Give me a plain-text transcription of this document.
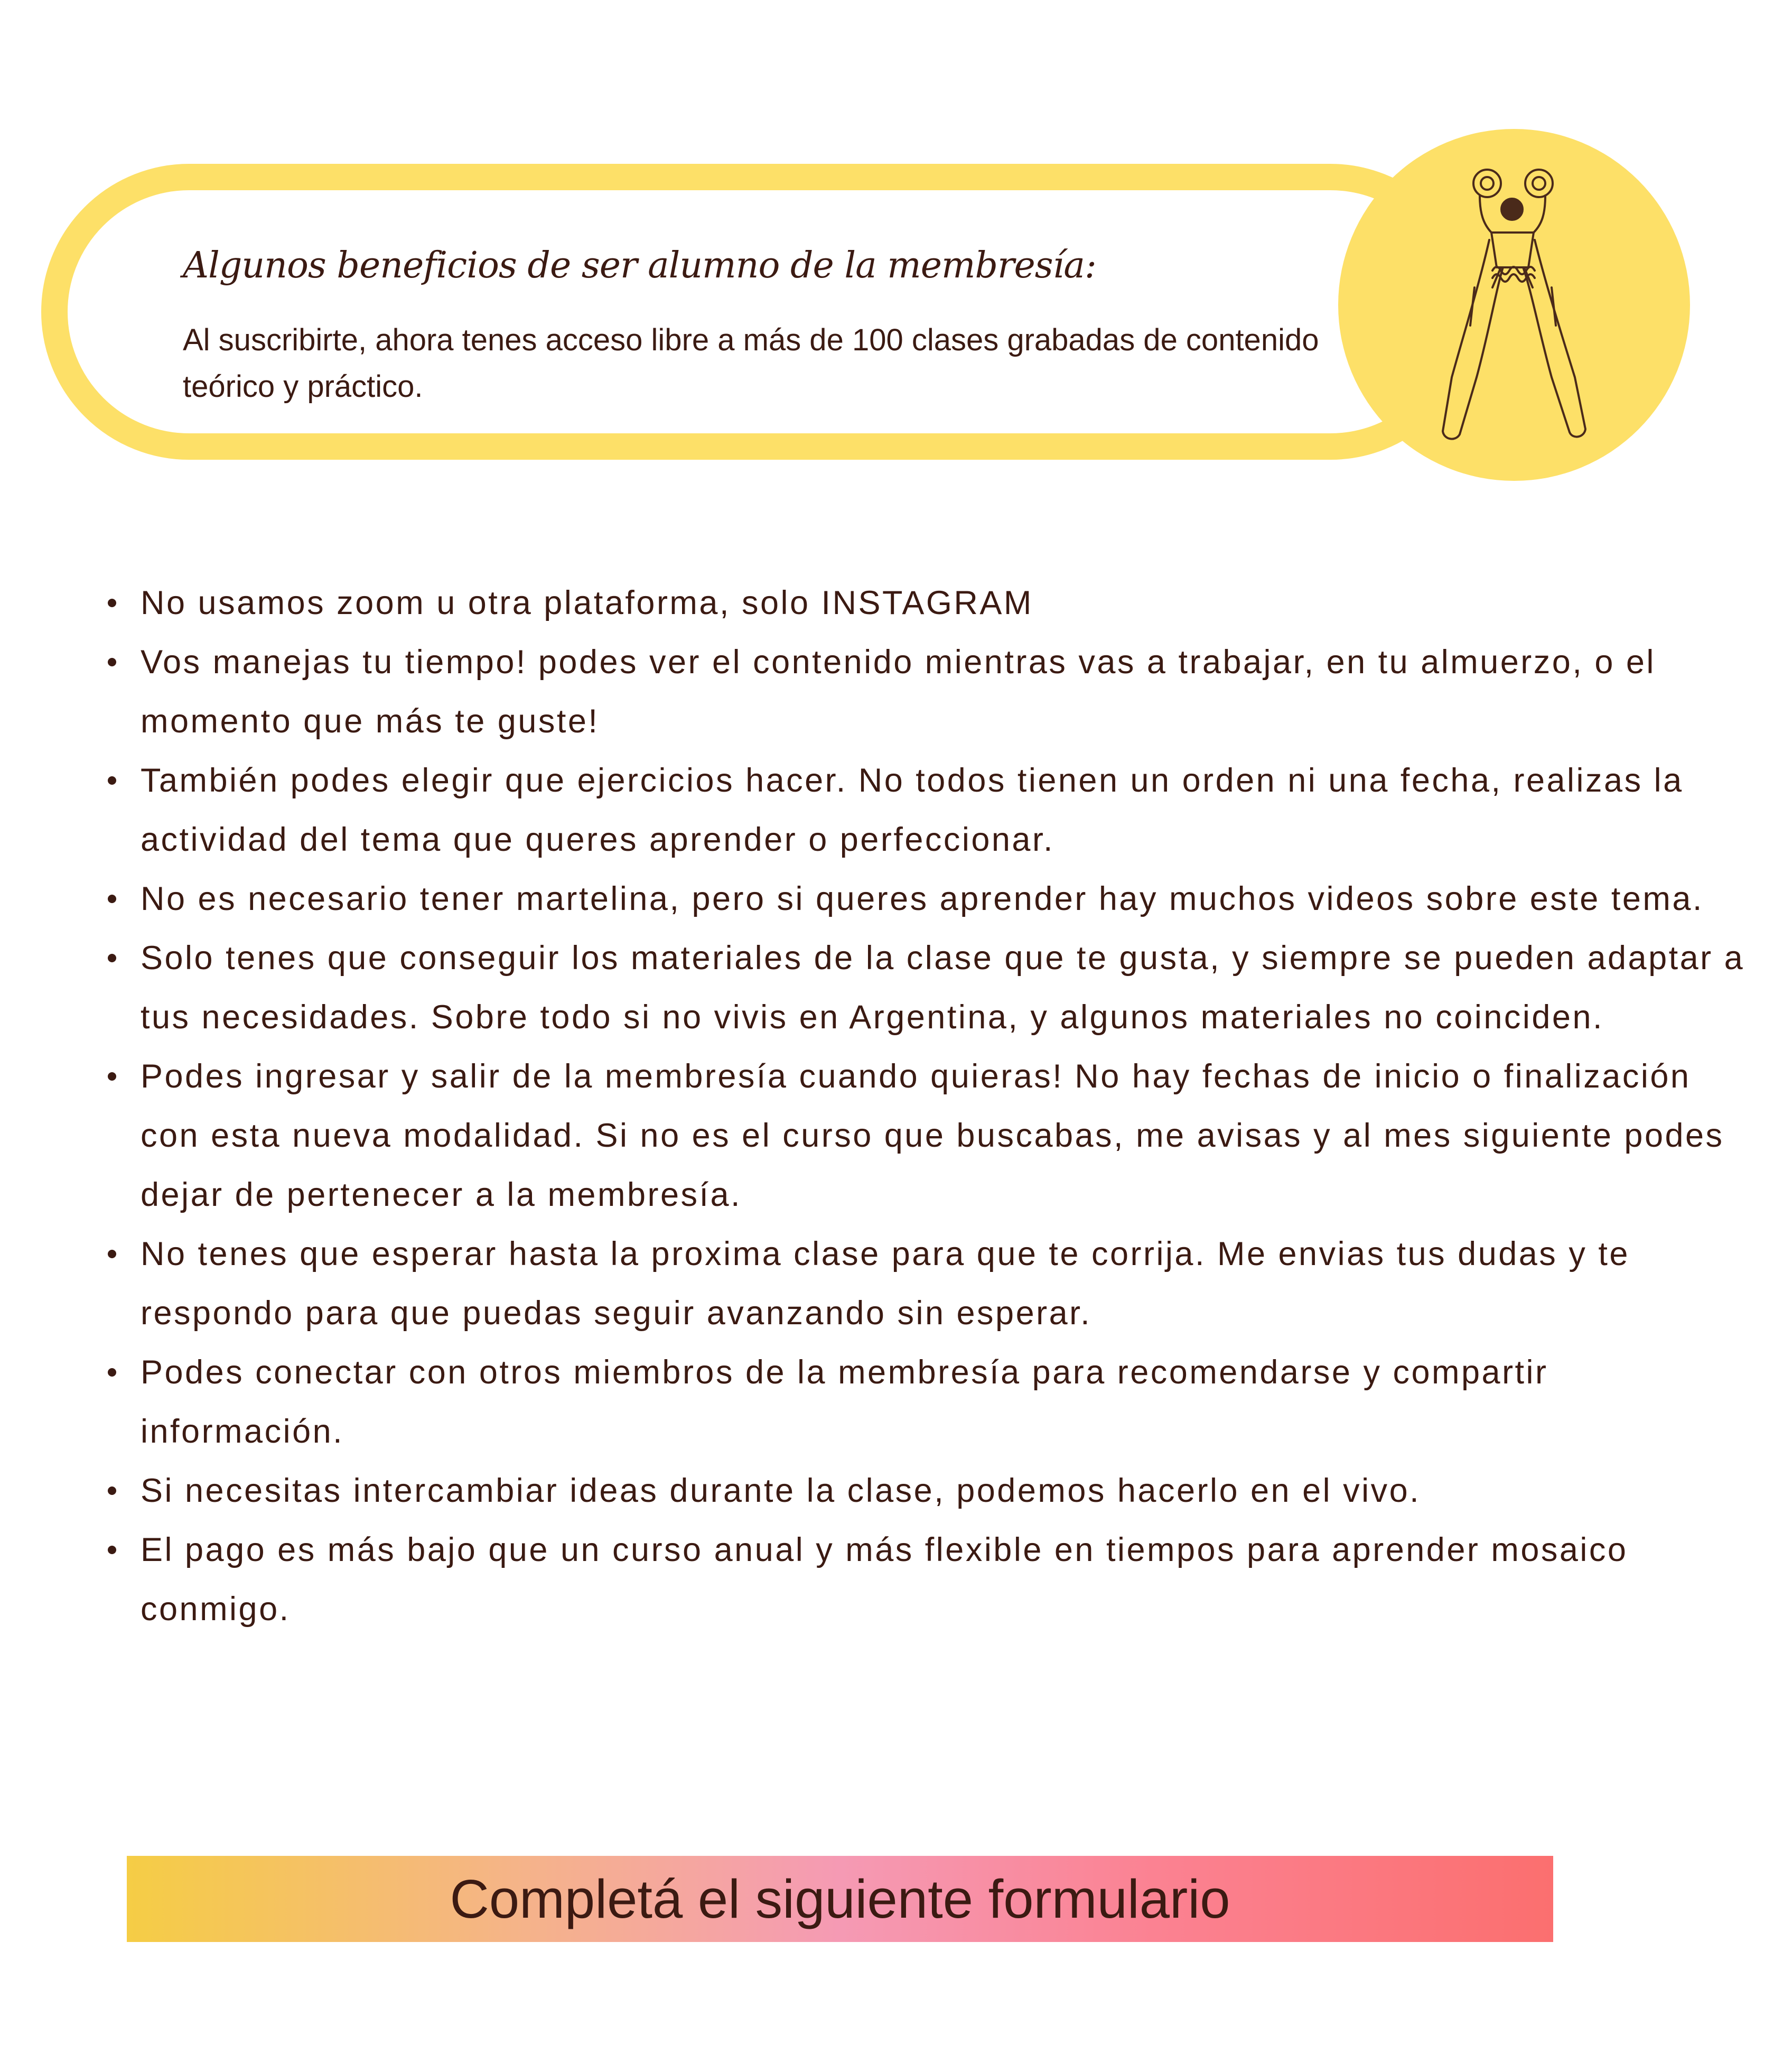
Algunos beneficios de ser alumno de la membresía:
Al suscribirte, ahora tenes acceso libre a más de 100 clases grabadas de contenido teórico y práctico.
No usamos zoom u otra plataforma, solo INSTAGRAM
Vos manejas tu tiempo! podes ver el contenido mientras vas a trabajar, en tu almuerzo, o el momento que más te guste!
También podes elegir que ejercicios hacer. No todos tienen un orden ni una fecha, realizas la actividad del tema que queres aprender o perfeccionar.
No es necesario tener martelina, pero si queres aprender hay muchos videos sobre este tema.
Solo tenes que conseguir los materiales de la clase que te gusta, y siempre se pueden adaptar a tus necesidades. Sobre todo si no vivis en Argentina, y algunos materiales no coinciden.
Podes ingresar y salir de la membresía cuando quieras! No hay fechas de inicio o finalización con esta nueva modalidad. Si no es el curso que buscabas, me avisas y al mes siguiente podes dejar de pertenecer a la membresía.
No tenes que esperar hasta la proxima clase para que te corrija. Me envias tus dudas y te respondo para que puedas seguir avanzando sin esperar.
Podes conectar con otros miembros de la membresía para recomendarse y compartir información.
Si necesitas intercambiar ideas durante la clase, podemos hacerlo en el vivo.
El pago es más bajo que un curso anual y más flexible en tiempos para aprender mosaico conmigo.
Completá el siguiente formulario
